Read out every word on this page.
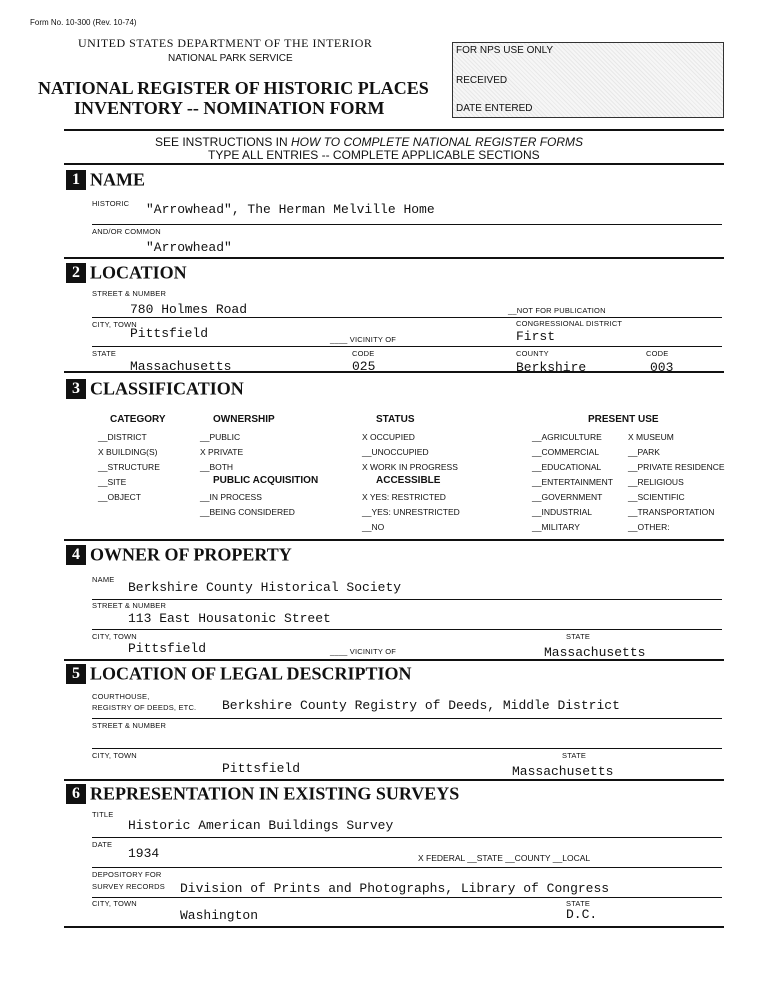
Form No. 10-300 (Rev. 10-74)
UNITED STATES DEPARTMENT OF THE INTERIOR
NATIONAL PARK SERVICE
NATIONAL REGISTER OF HISTORIC PLACES
INVENTORY -- NOMINATION FORM
FOR NPS USE ONLY
RECEIVED
DATE ENTERED
SEE INSTRUCTIONS IN HOW TO COMPLETE NATIONAL REGISTER FORMS
TYPE ALL ENTRIES -- COMPLETE APPLICABLE SECTIONS
1 NAME
HISTORIC "Arrowhead", The Herman Melville Home
AND/OR COMMON
"Arrowhead"
2 LOCATION
STREET & NUMBER
780 Holmes Road	__NOT FOR PUBLICATION
CITY, TOWN	CONGRESSIONAL DISTRICT
Pittsfield	First
____ VICINITY OF
STATE	CODE	COUNTY	CODE
Massachusetts	025	Berkshire	003
3 CLASSIFICATION
CATEGORY
__DISTRICT
X BUILDING(S)
__STRUCTURE
__SITE
__OBJECT
OWNERSHIP
__PUBLIC
X PRIVATE
__BOTH
PUBLIC ACQUISITION
__IN PROCESS
__BEING CONSIDERED
STATUS
X OCCUPIED
__UNOCCUPIED
X WORK IN PROGRESS
ACCESSIBLE
X YES: RESTRICTED
__YES: UNRESTRICTED
__NO
PRESENT USE
__AGRICULTURE
__COMMERCIAL
__EDUCATIONAL
__ENTERTAINMENT
__GOVERNMENT
__INDUSTRIAL
__MILITARY
X MUSEUM
__PARK
__PRIVATE RESIDENCE
__RELIGIOUS
__SCIENTIFIC
__TRANSPORTATION
__OTHER:
4 OWNER OF PROPERTY
NAME
Berkshire County Historical Society
STREET & NUMBER
113 East Housatonic Street
CITY, TOWN	STATE
Pittsfield	____ VICINITY OF	Massachusetts
5 LOCATION OF LEGAL DESCRIPTION
COURTHOUSE,
REGISTRY OF DEEDS, ETC. Berkshire County Registry of Deeds, Middle District
STREET & NUMBER
CITY, TOWN	STATE
Pittsfield	Massachusetts
6 REPRESENTATION IN EXISTING SURVEYS
TITLE
Historic American Buildings Survey
DATE
1934	X FEDERAL __STATE __COUNTY __LOCAL
DEPOSITORY FOR
SURVEY RECORDS Division of Prints and Photographs, Library of Congress
CITY, TOWN	STATE
Washington	D.C.
